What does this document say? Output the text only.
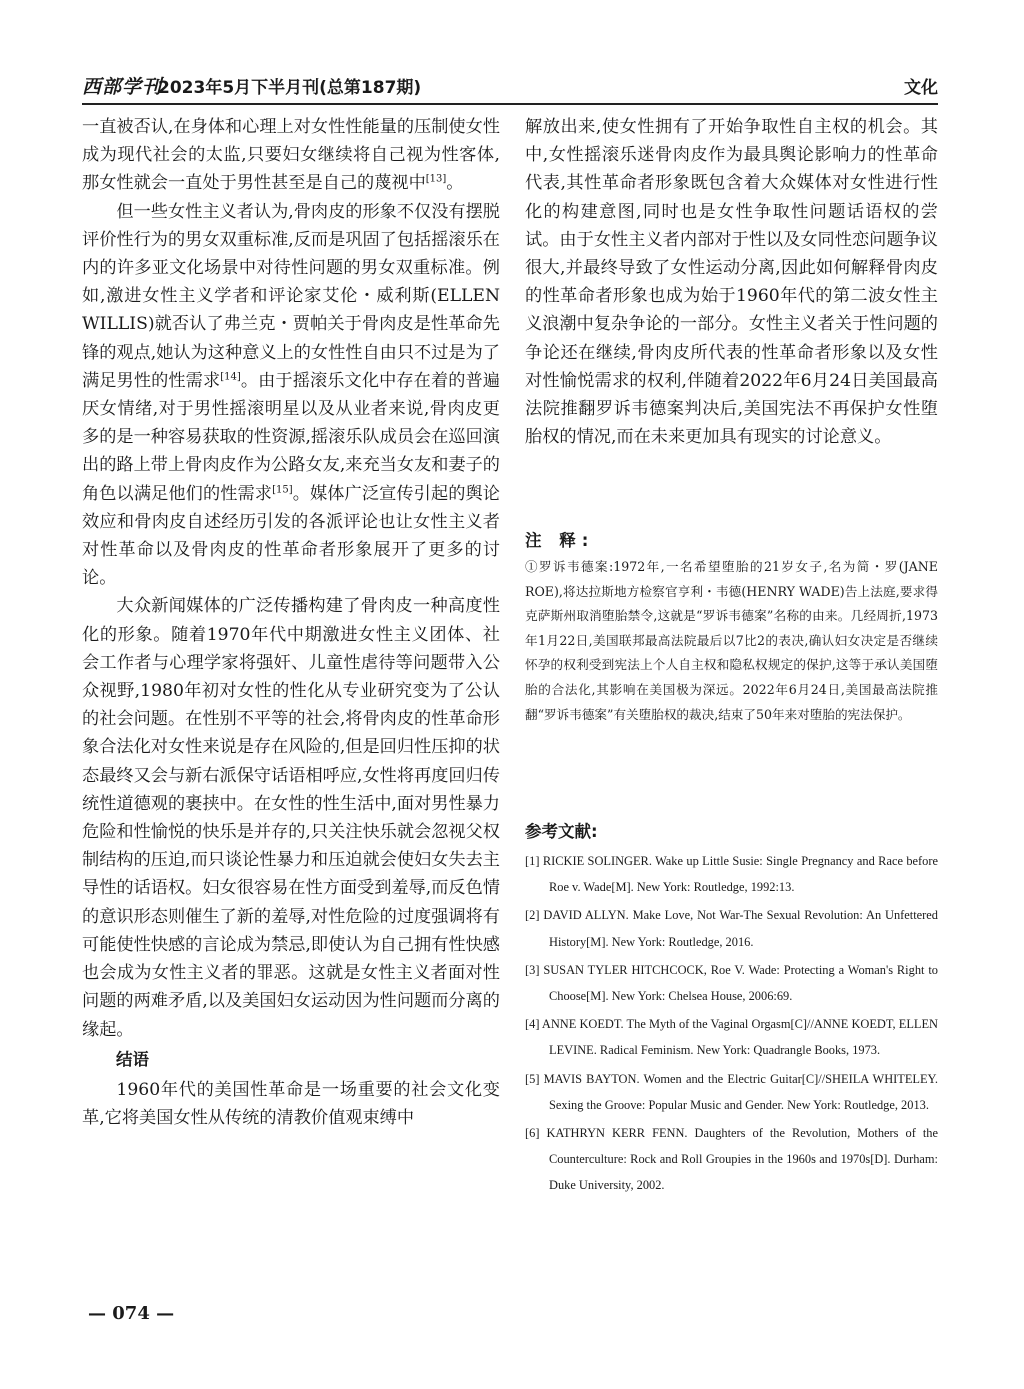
西部学刊
2023年5月下半月刊(总第187期)	文化

一直被否认,在身体和心理上对女性性能量的压制使女性成为现代社会的太监,只要妇女继续将自己视为性客体,那女性就会一直处于男性甚至是自己的蔑视中[13]。

但一些女性主义者认为,骨肉皮的形象不仅没有摆脱评价性行为的男女双重标准,反而是巩固了包括摇滚乐在内的许多亚文化场景中对待性问题的男女双重标准。例如,激进女性主义学者和评论家艾伦・威利斯(ELLEN WILLIS)就否认了弗兰克・贾帕关于骨肉皮是性革命先锋的观点,她认为这种意义上的女性性自由只不过是为了满足男性的性需求[14]。由于摇滚乐文化中存在着的普遍厌女情绪,对于男性摇滚明星以及从业者来说,骨肉皮更多的是一种容易获取的性资源,摇滚乐队成员会在巡回演出的路上带上骨肉皮作为公路女友,来充当女友和妻子的角色以满足他们的性需求[15]。媒体广泛宣传引起的舆论效应和骨肉皮自述经历引发的各派评论也让女性主义者对性革命以及骨肉皮的性革命者形象展开了更多的讨论。

大众新闻媒体的广泛传播构建了骨肉皮一种高度性化的形象。随着1970年代中期激进女性主义团体、社会工作者与心理学家将强奸、儿童性虐待等问题带入公众视野,1980年初对女性的性化从专业研究变为了公认的社会问题。在性别不平等的社会,将骨肉皮的性革命形象合法化对女性来说是存在风险的,但是回归性压抑的状态最终又会与新右派保守话语相呼应,女性将再度回归传统性道德观的裹挟中。在女性的性生活中,面对男性暴力危险和性愉悦的快乐是并存的,只关注快乐就会忽视父权制结构的压迫,而只谈论性暴力和压迫就会使妇女失去主导性的话语权。妇女很容易在性方面受到羞辱,而反色情的意识形态则催生了新的羞辱,对性危险的过度强调将有可能使性快感的言论成为禁忌,即使认为自己拥有性快感也会成为女性主义者的罪恶。这就是女性主义者面对性问题的两难矛盾,以及美国妇女运动因为性问题而分离的缘起。

结语

1960年代的美国性革命是一场重要的社会文化变革,它将美国女性从传统的清教价值观束缚中

解放出来,使女性拥有了开始争取性自主权的机会。其中,女性摇滚乐迷骨肉皮作为最具舆论影响力的性革命代表,其性革命者形象既包含着大众媒体对女性进行性化的构建意图,同时也是女性争取性问题话语权的尝试。由于女性主义者内部对于性以及女同性恋问题争议很大,并最终导致了女性运动分离,因此如何解释骨肉皮的性革命者形象也成为始于1960年代的第二波女性主义浪潮中复杂争论的一部分。女性主义者关于性问题的争论还在继续,骨肉皮所代表的性革命者形象以及女性对性愉悦需求的权利,伴随着2022年6月24日美国最高法院推翻罗诉韦德案判决后,美国宪法不再保护女性堕胎权的情况,而在未来更加具有现实的讨论意义。

注 释:

①罗诉韦德案:1972年,一名希望堕胎的21岁女子,名为简・罗(JANE ROE),将达拉斯地方检察官亨利・韦德(HENRY WADE)告上法庭,要求得克萨斯州取消堕胎禁令,这就是“罗诉韦德案”名称的由来。几经周折,1973年1月22日,美国联邦最高法院最后以7比2的表决,确认妇女决定是否继续怀孕的权利受到宪法上个人自主权和隐私权规定的保护,这等于承认美国堕胎的合法化,其影响在美国极为深远。2022年6月24日,美国最高法院推翻“罗诉韦德案”有关堕胎权的裁决,结束了50年来对堕胎的宪法保护。

参考文献:

[1] RICKIE SOLINGER. Wake up Little Susie: Single Pregnancy and Race before Roe v. Wade[M]. New York: Routledge, 1992:13.

[2] DAVID ALLYN. Make Love, Not War-The Sexual Revolution: An Unfettered History[M]. New York: Routledge, 2016.

[3] SUSAN TYLER HITCHCOCK, Roe V. Wade: Protecting a Woman's Right to Choose[M]. New York: Chelsea House, 2006:69.

[4] ANNE KOEDT. The Myth of the Vaginal Orgasm[C]//ANNE KOEDT, ELLEN LEVINE. Radical Feminism. New York: Quadrangle Books, 1973.

[5] MAVIS BAYTON. Women and the Electric Guitar[C]//SHEILA WHITELEY. Sexing the Groove: Popular Music and Gender. New York: Routledge, 2013.

[6] KATHRYN KERR FENN. Daughters of the Revolution, Mothers of the Counterculture: Rock and Roll Groupies in the 1960s and 1970s[D]. Durham: Duke University, 2002.

— 074 —
